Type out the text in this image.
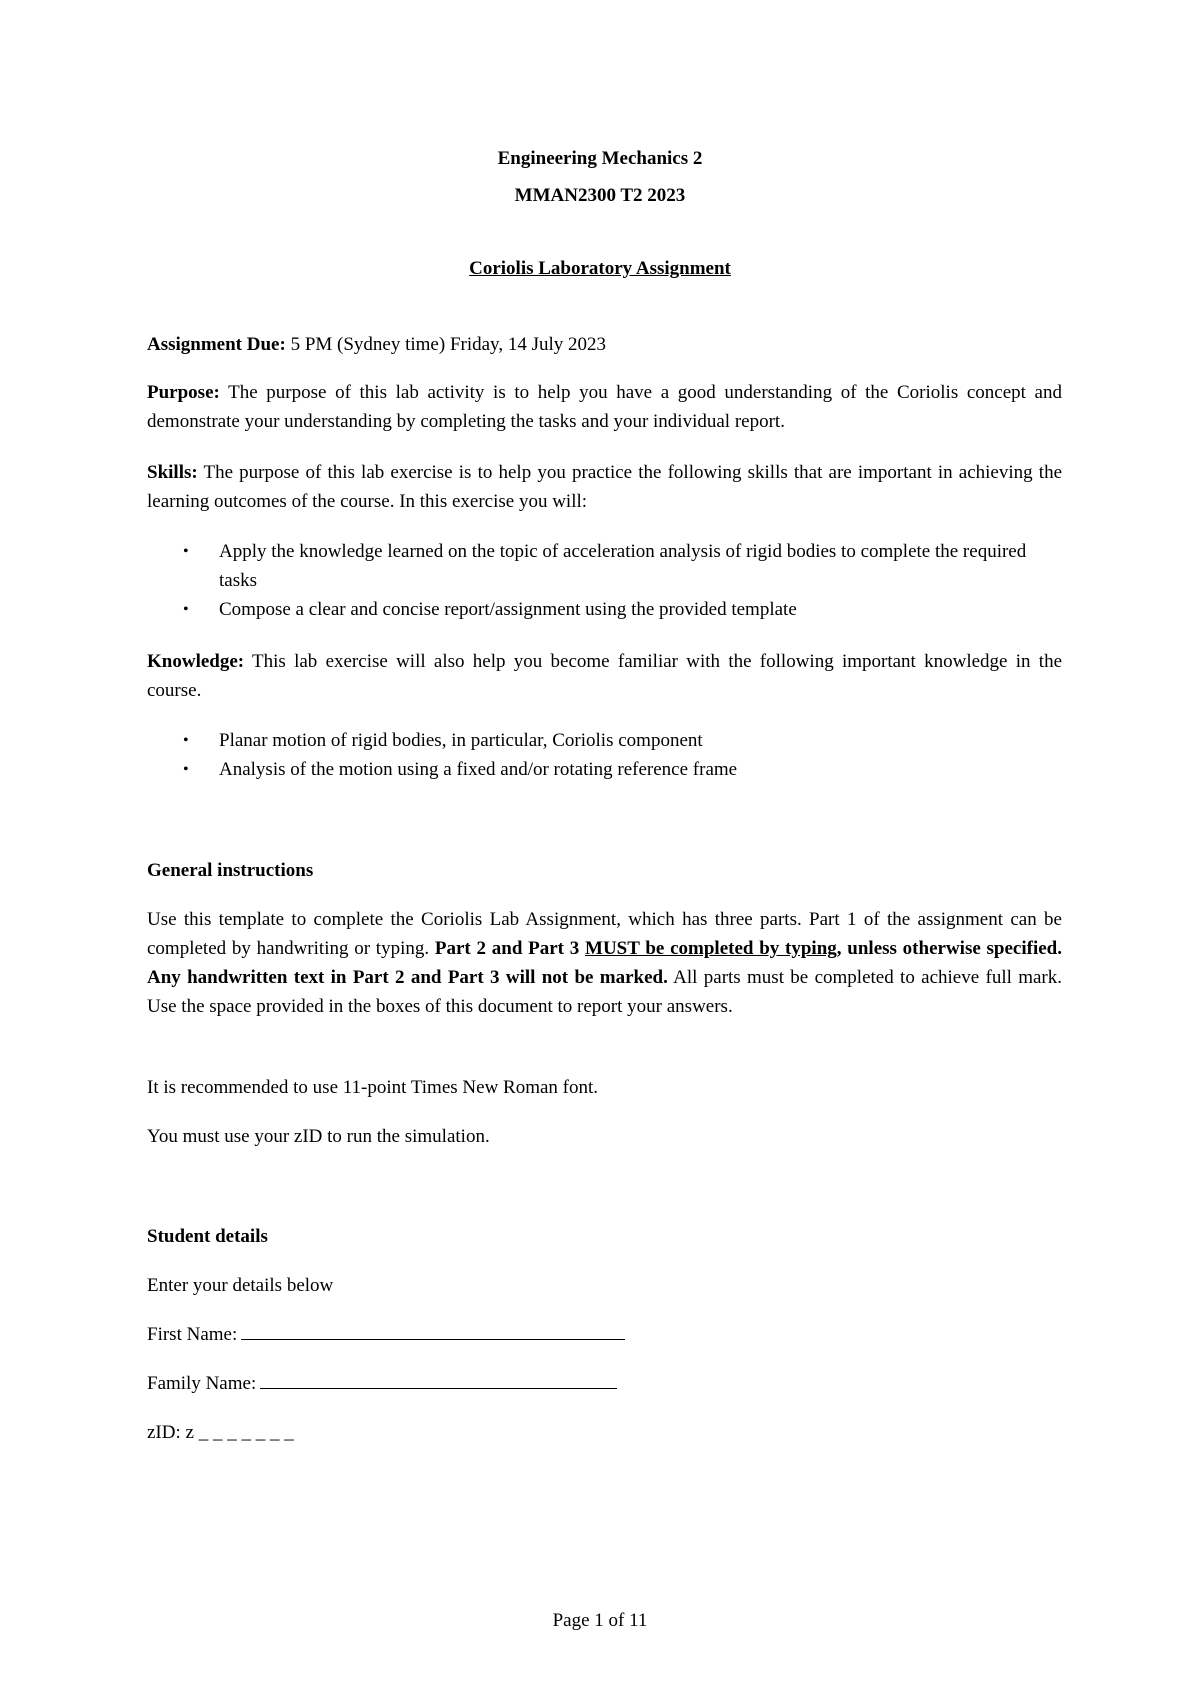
Engineering Mechanics 2
MMAN2300 T2 2023
Coriolis Laboratory Assignment
Assignment Due: 5 PM (Sydney time) Friday, 14 July 2023
Purpose: The purpose of this lab activity is to help you have a good understanding of the Coriolis concept and demonstrate your understanding by completing the tasks and your individual report.
Skills: The purpose of this lab exercise is to help you practice the following skills that are important in achieving the learning outcomes of the course. In this exercise you will:
• Apply the knowledge learned on the topic of acceleration analysis of rigid bodies to complete the required tasks
• Compose a clear and concise report/assignment using the provided template
Knowledge: This lab exercise will also help you become familiar with the following important knowledge in the course.
• Planar motion of rigid bodies, in particular, Coriolis component
• Analysis of the motion using a fixed and/or rotating reference frame
General instructions
Use this template to complete the Coriolis Lab Assignment, which has three parts. Part 1 of the assignment can be completed by handwriting or typing. Part 2 and Part 3 MUST be completed by typing, unless otherwise specified. Any handwritten text in Part 2 and Part 3 will not be marked. All parts must be completed to achieve full mark. Use the space provided in the boxes of this document to report your answers.
It is recommended to use 11-point Times New Roman font.
You must use your zID to run the simulation.
Student details
Enter your details below
First Name:
Family Name:
zID: z _ _ _ _ _ _ _
Page 1 of 11
